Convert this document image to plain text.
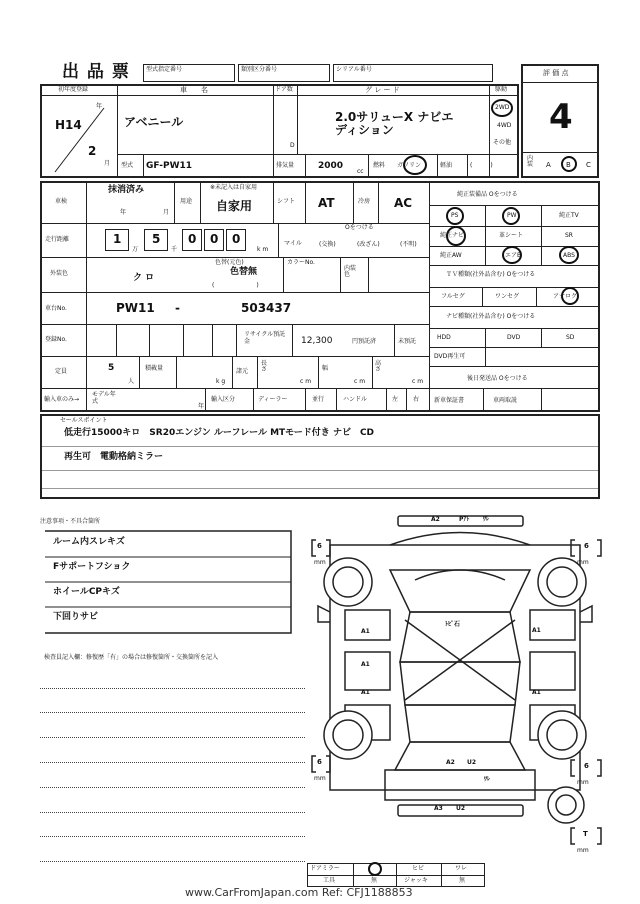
出 品 票	型式指定番号	類別区分番号	シリアル番号	評 価 点
4
初年度登録
年
月
H14
2
車　　名
アベニール
ドア数
D
グ レ ー ド
2.0サリューX ナビエ
ディション
駆動
2WD
4WD
その他
型式 GF-PW11	排気量	2000
cc
燃料 ガソリン	軽油	(　　　)
内装 A B C
車検
抹消済み
年	月
用途
※未記入は自家用
自家用	シフト AT	冷房 AC
走行距離	1
万
5
千
0 0 0
k m
マイル
Oをつける
(交換)	(改ざん)	(不明)
外装色	ク ロ
色替(元色)
色替無
(　　　　　　　)
カラーNo.
内装色
車台No.	PW11 -	503437
登録No.
リサイクル預託金	12,300	円預託済	未預託
定員	5
人
積載量
k g
諸元
長さ
c m
幅
c m
高さ
c m
輸入車のみ→
モデル年式
年
輸入区分	ディーラー	並行	ハンドル	左 右
純正装備品 Oをつける
PS	PW	純正TV
純正ナビ	革シート	SR
純正AW	エアB	ABS
ＴＶ種類(社外品含む) Oをつける
フルセグ	ワンセグ	アナログ
ナビ種類(社外品含む) Oをつける
HDD	DVD	SD
DVD再生可
後日発送品 Oをつける
新車保証書	車両取説
セールスポイント
低走行15000キロ　SR20エンジン ルーフレール MTモード付き ナビ　CD
再生可　電動格納ミラー
注意事項・不具合箇所
ルーム内スレキズ
Fサポートフショク
ホイールCPキズ
下回りサビ
検査員記入欄：修復歴「有」の場合は修復箇所・交換箇所を記入
6
mm
6
mm
6
mm
6
mm
T
mm
A2	Pｱﾄ ﾜﾚ
ﾄﾋﾞ石
A1
A1
A1
A1
A1
A2 U2
ﾜﾚ
A3 U2
ドアミラー	ヒビ	ワレ
工具	無	ジャッキ	無
www.CarFromJapan.com Ref: CFJ1188853
